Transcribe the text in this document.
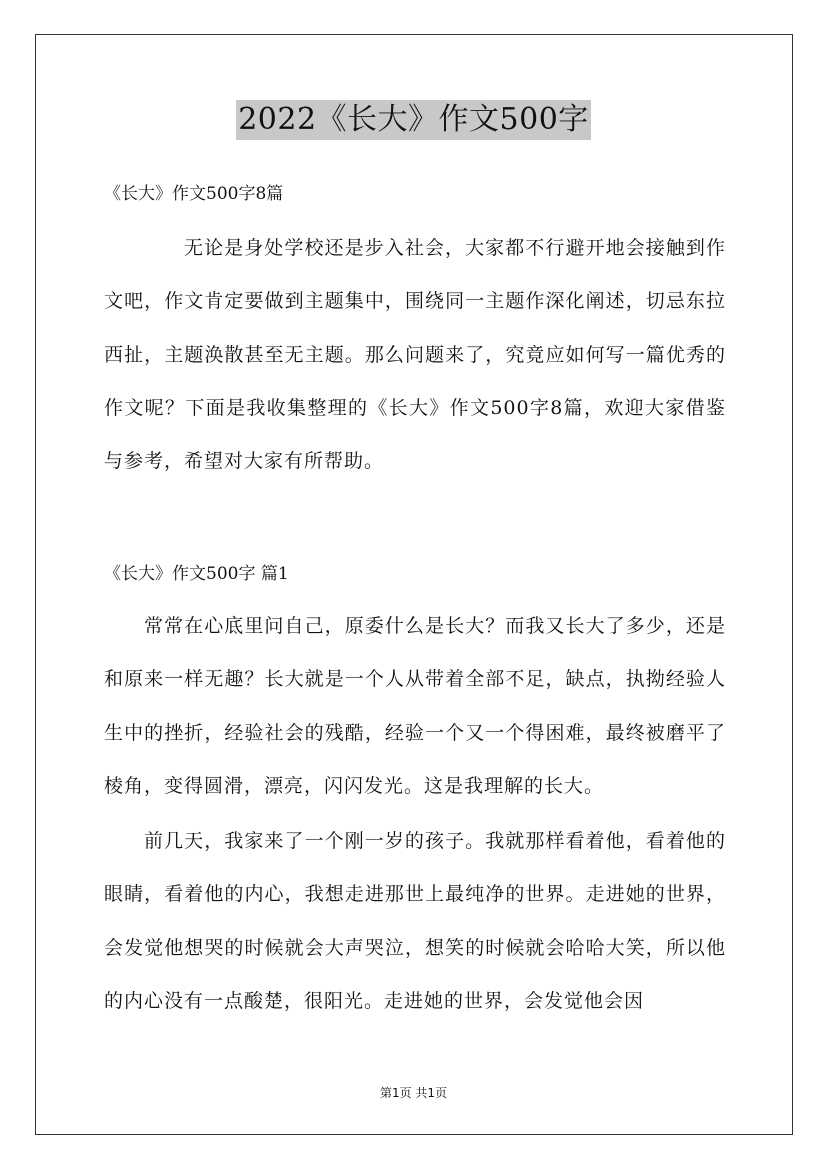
2022《长大》作文500字
《长大》作文500字8篇
无论是身处学校还是步入社会，大家都不行避开地会接触到作文吧，作文肯定要做到主题集中，围绕同一主题作深化阐述，切忌东拉西扯，主题涣散甚至无主题。那么问题来了，究竟应如何写一篇优秀的作文呢？下面是我收集整理的《长大》作文500字8篇，欢迎大家借鉴与参考，希望对大家有所帮助。
《长大》作文500字 篇1
常常在心底里问自己，原委什么是长大？而我又长大了多少，还是和原来一样无趣？长大就是一个人从带着全部不足，缺点，执拗经验人生中的挫折，经验社会的残酷，经验一个又一个得困难，最终被磨平了棱角，变得圆滑，漂亮，闪闪发光。这是我理解的长大。
前几天，我家来了一个刚一岁的孩子。我就那样看着他，看着他的眼睛，看着他的内心，我想走进那世上最纯净的世界。走进她的世界，会发觉他想哭的时候就会大声哭泣，想笑的时候就会哈哈大笑，所以他的内心没有一点酸楚，很阳光。走进她的世界，会发觉他会因
第1页 共1页
